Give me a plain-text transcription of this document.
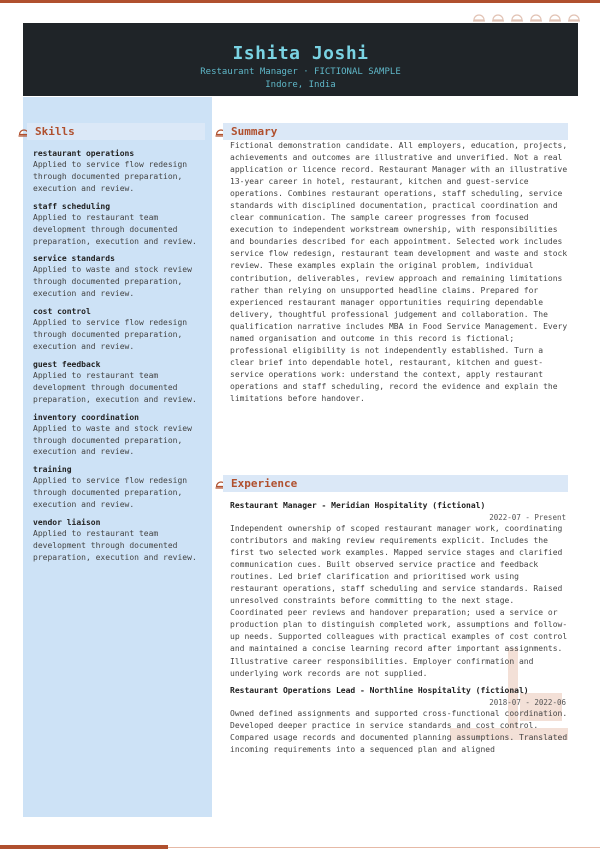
Ishita Joshi
Restaurant Manager · FICTIONAL SAMPLE
Indore, India
Skills
restaurant operations
Applied to service flow redesign through documented preparation, execution and review.
staff scheduling
Applied to restaurant team development through documented preparation, execution and review.
service standards
Applied to waste and stock review through documented preparation, execution and review.
cost control
Applied to service flow redesign through documented preparation, execution and review.
guest feedback
Applied to restaurant team development through documented preparation, execution and review.
inventory coordination
Applied to waste and stock review through documented preparation, execution and review.
training
Applied to service flow redesign through documented preparation, execution and review.
vendor liaison
Applied to restaurant team development through documented preparation, execution and review.
Summary
Fictional demonstration candidate. All employers, education, projects, achievements and outcomes are illustrative and unverified. Not a real application or licence record. Restaurant Manager with an illustrative 13-year career in hotel, restaurant, kitchen and guest-service operations. Combines restaurant operations, staff scheduling, service standards with disciplined documentation, practical coordination and clear communication. The sample career progresses from focused execution to independent workstream ownership, with responsibilities and boundaries described for each appointment. Selected work includes service flow redesign, restaurant team development and waste and stock review. These examples explain the original problem, individual contribution, deliverables, review approach and remaining limitations rather than relying on unsupported headline claims. Prepared for experienced restaurant manager opportunities requiring dependable delivery, thoughtful professional judgement and collaboration. The qualification narrative includes MBA in Food Service Management. Every named organisation and outcome in this record is fictional; professional eligibility is not independently established. Turn a clear brief into dependable hotel, restaurant, kitchen and guest-service operations work: understand the context, apply restaurant operations and staff scheduling, record the evidence and explain the limitations before handover.
Experience
Restaurant Manager - Meridian Hospitality (fictional)
2022-07 - Present
Independent ownership of scoped restaurant manager work, coordinating contributors and making review requirements explicit. Includes the first two selected work examples. Mapped service stages and clarified communication cues. Built observed service practice and feedback routines. Led brief clarification and prioritised work using restaurant operations, staff scheduling and service standards. Raised unresolved constraints before committing to the next stage. Coordinated peer reviews and handover preparation; used a service or production plan to distinguish completed work, assumptions and follow-up needs. Supported colleagues with practical examples of cost control and maintained a concise learning record after important assignments. Illustrative career responsibilities. Employer confirmation and underlying work records are not supplied.
Restaurant Operations Lead - Northline Hospitality (fictional)
2018-07 - 2022-06
Owned defined assignments and supported cross-functional coordination. Developed deeper practice in service standards and cost control. Compared usage records and documented planning assumptions. Translated incoming requirements into a sequenced plan and aligned
